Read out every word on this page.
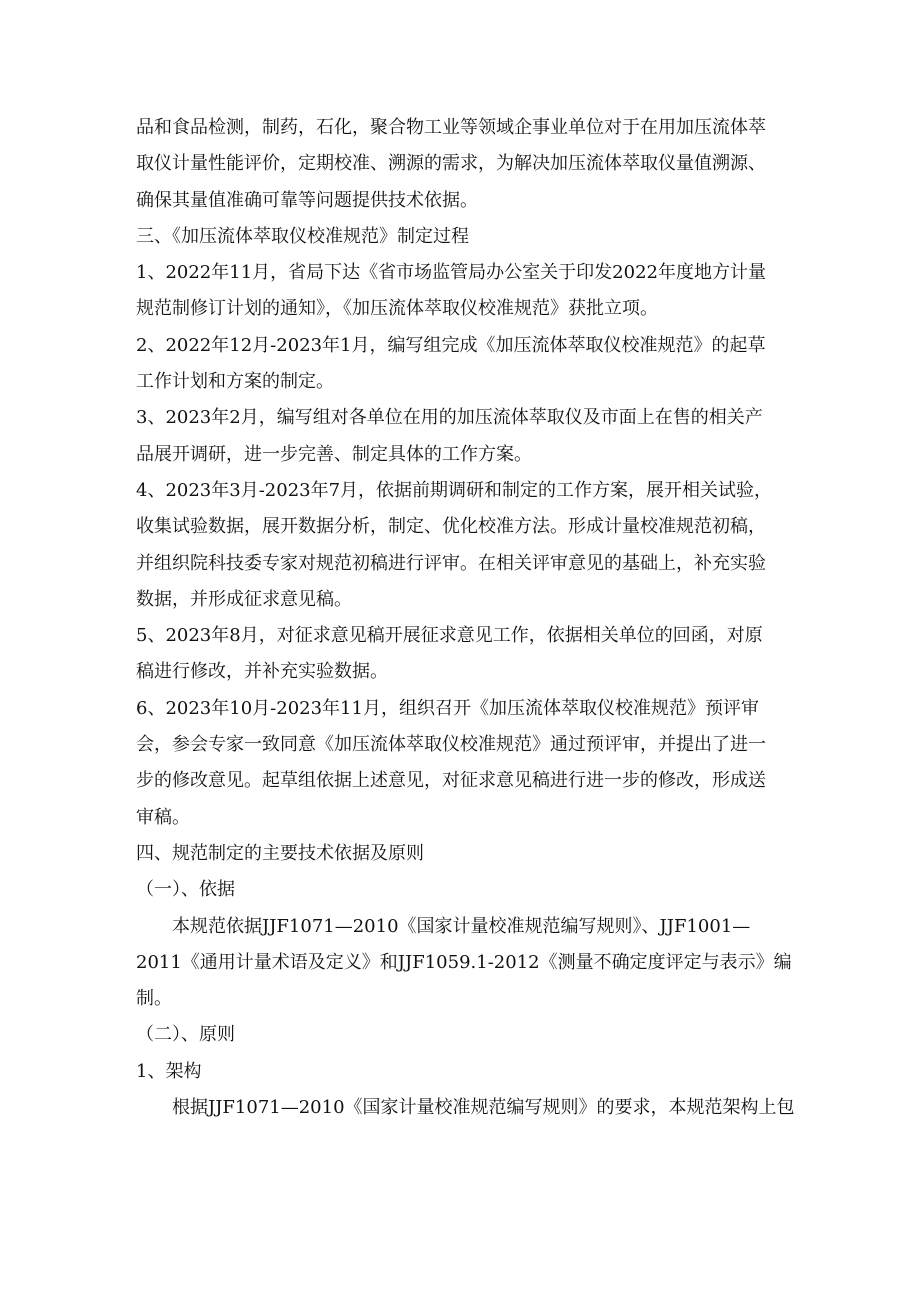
品和食品检测，制药，石化，聚合物工业等领域企事业单位对于在用加压流体萃
取仪计量性能评价，定期校准、溯源的需求，为解决加压流体萃取仪量值溯源、
确保其量值准确可靠等问题提供技术依据。
三、《加压流体萃取仪校准规范》制定过程
1、2022年11月，省局下达《省市场监管局办公室关于印发2022年度地方计量
规范制修订计划的通知》，《加压流体萃取仪校准规范》获批立项。
2、2022年12月-2023年1月，编写组完成《加压流体萃取仪校准规范》的起草
工作计划和方案的制定。
3、2023年2月，编写组对各单位在用的加压流体萃取仪及市面上在售的相关产
品展开调研，进一步完善、制定具体的工作方案。
4、2023年3月-2023年7月，依据前期调研和制定的工作方案，展开相关试验，
收集试验数据，展开数据分析，制定、优化校准方法。形成计量校准规范初稿，
并组织院科技委专家对规范初稿进行评审。在相关评审意见的基础上，补充实验
数据，并形成征求意见稿。
5、2023年8月，对征求意见稿开展征求意见工作，依据相关单位的回函，对原
稿进行修改，并补充实验数据。
6、2023年10月-2023年11月，组织召开《加压流体萃取仪校准规范》预评审
会，参会专家一致同意《加压流体萃取仪校准规范》通过预评审，并提出了进一
步的修改意见。起草组依据上述意见，对征求意见稿进行进一步的修改，形成送
审稿。
四、规范制定的主要技术依据及原则
（一）、依据
本规范依据JJF1071—2010《国家计量校准规范编写规则》、JJF1001—
2011《通用计量术语及定义》和JJF1059.1-2012《测量不确定度评定与表示》编
制。
（二）、原则
1、架构
根据JJF1071—2010《国家计量校准规范编写规则》的要求，本规范架构上包
